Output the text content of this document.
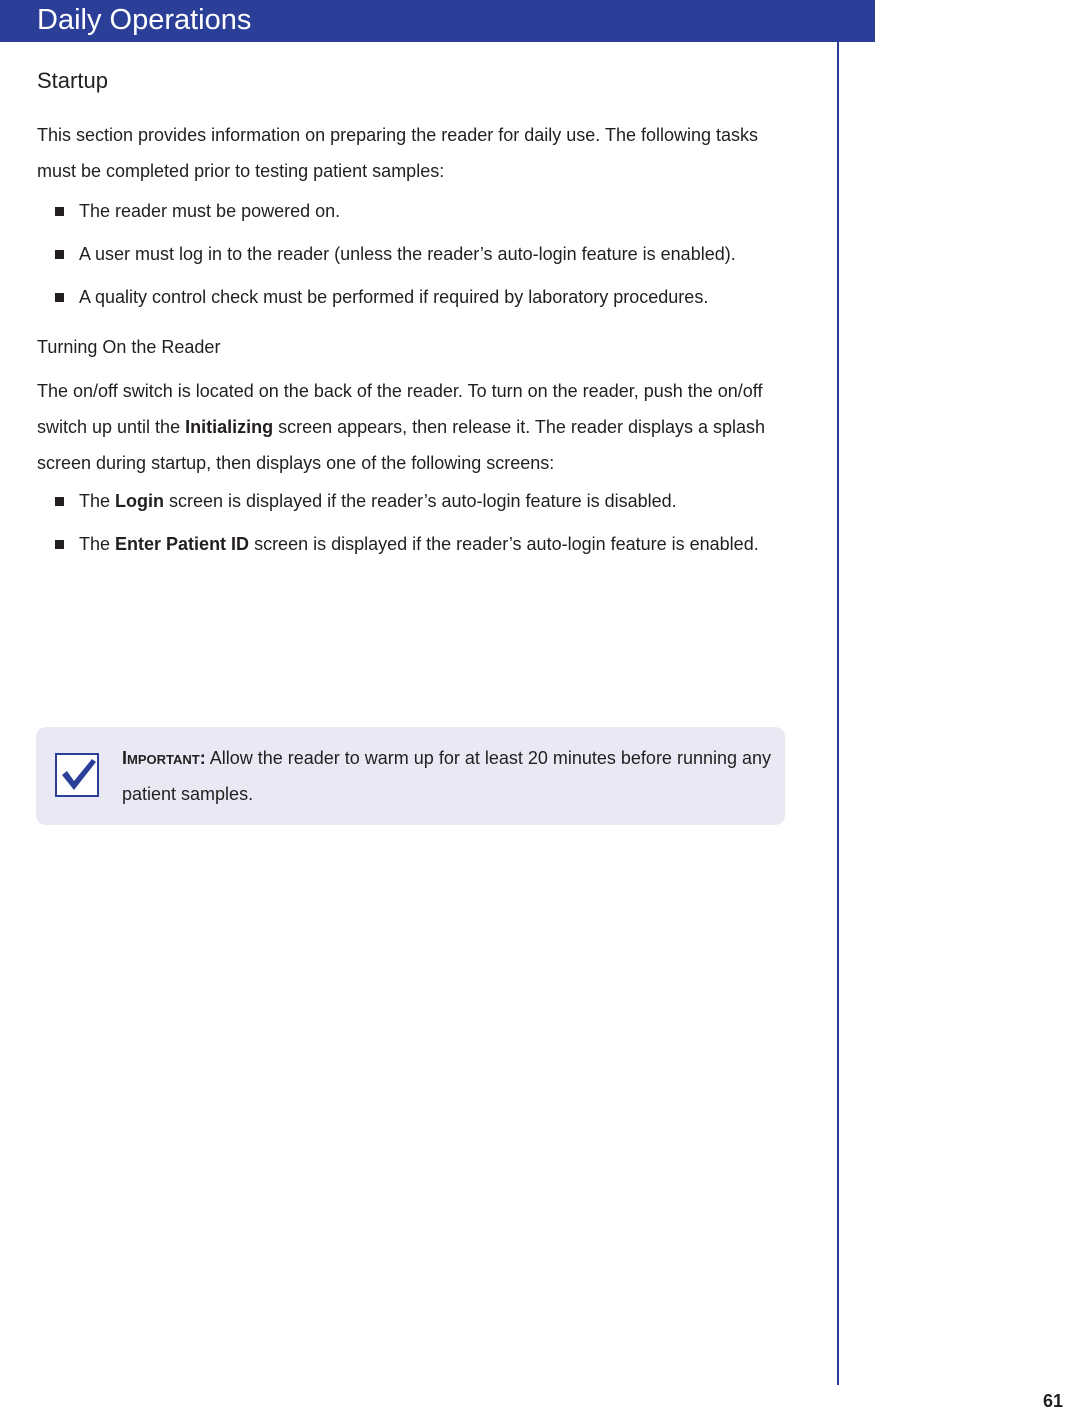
Daily Operations
Startup

This section provides information on preparing the reader for daily use. The following tasks must be completed prior to testing patient samples:

The reader must be powered on.
A user must log in to the reader (unless the reader’s auto-login feature is enabled).
A quality control check must be performed if required by laboratory procedures.
Turning On the Reader

The on/off switch is located on the back of the reader. To turn on the reader, push the on/off switch up until the Initializing screen appears, then release it. The reader displays a splash screen during startup, then displays one of the following screens:

The Login screen is displayed if the reader’s auto-login feature is disabled.
The Enter Patient ID screen is displayed if the reader’s auto-login feature is enabled.
Important: Allow the reader to warm up for at least 20 minutes before running any patient samples.
61
